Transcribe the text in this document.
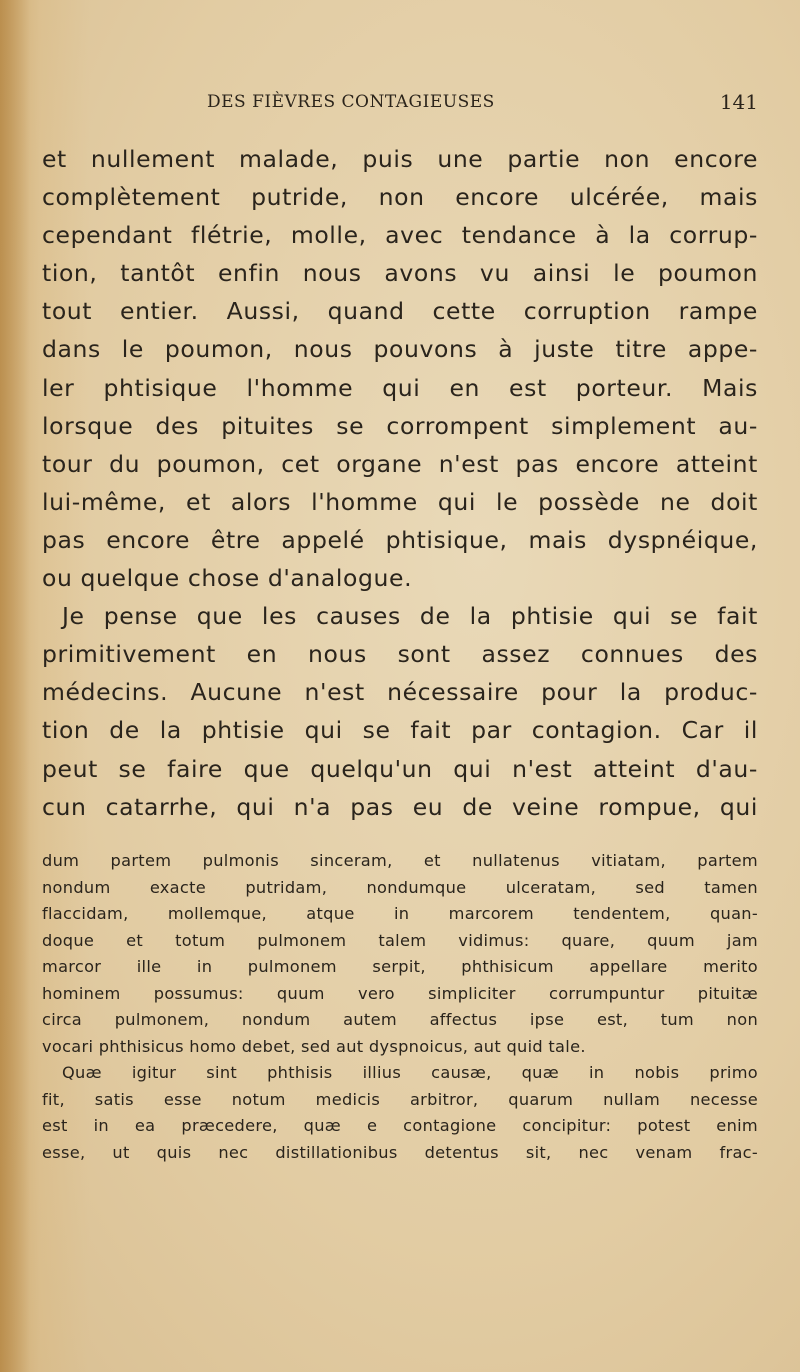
DES FIÈVRES CONTAGIEUSES	141
et nullement malade, puis une partie non encore
complètement putride, non encore ulcérée, mais
cependant flétrie, molle, avec tendance à la corrup-
tion, tantôt enfin nous avons vu ainsi le poumon
tout entier. Aussi, quand cette corruption rampe
dans le poumon, nous pouvons à juste titre appe-
ler phtisique l'homme qui en est porteur. Mais
lorsque des pituites se corrompent simplement au-
tour du poumon, cet organe n'est pas encore atteint
lui-même, et alors l'homme qui le possède ne doit
pas encore être appelé phtisique, mais dyspnéique,
ou quelque chose d'analogue.
Je pense que les causes de la phtisie qui se fait
primitivement en nous sont assez connues des
médecins. Aucune n'est nécessaire pour la produc-
tion de la phtisie qui se fait par contagion. Car il
peut se faire que quelqu'un qui n'est atteint d'au-
cun catarrhe, qui n'a pas eu de veine rompue, qui
dum partem pulmonis sinceram, et nullatenus vitiatam, partem
nondum exacte putridam, nondumque ulceratam, sed tamen
flaccidam, mollemque, atque in marcorem tendentem, quan-
doque et totum pulmonem talem vidimus: quare, quum jam
marcor ille in pulmonem serpit, phthisicum appellare merito
hominem possumus: quum vero simpliciter corrumpuntur pituitæ
circa pulmonem, nondum autem affectus ipse est, tum non
vocari phthisicus homo debet, sed aut dyspnoicus, aut quid tale.
Quæ igitur sint phthisis illius causæ, quæ in nobis primo
fit, satis esse notum medicis arbitror, quarum nullam necesse
est in ea præcedere, quæ e contagione concipitur: potest enim
esse, ut quis nec distillationibus detentus sit, nec venam frac-
